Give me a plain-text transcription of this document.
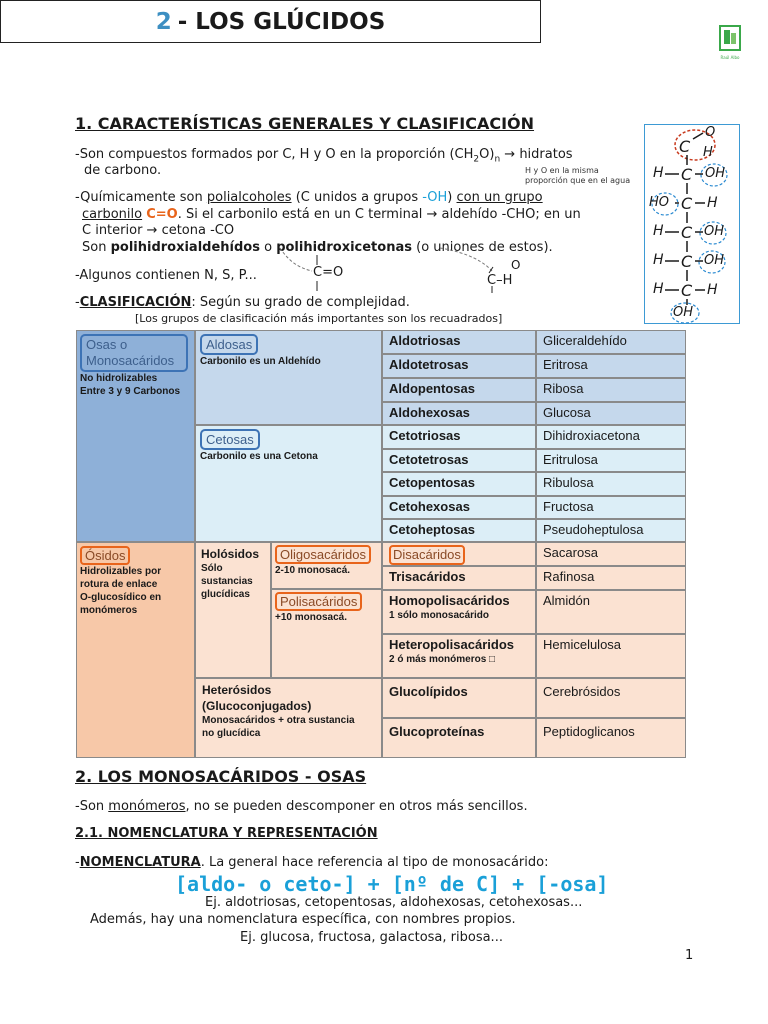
Raúl Albo
2 - LOS GLÚCIDOS
1. CARACTERÍSTICAS GENERALES Y CLASIFICACIÓN
-Son compuestos formados por C, H y O en la proporción $(CH_2O)_n$ → hidratos
de carbono.
-Químicamente son polialcoholes (C unidos a grupos -OH) con un grupo
carbonilo C=O. Si el carbonilo está en un C terminal → aldehído -CHO; en un
C interior → cetona -CO
Son polihidroxialdehídos o polihidroxicetonas (o uniones de estos).
-Algunos contienen N, S, P...	C=O	O
C–H
H y O en la misma
proporción que en el agua
-CLASIFICACIÓN: Según su grado de complejidad.
[Los grupos de clasificación más importantes son los recuadrados]
C
O
H
H C OH
HO C H
H C OH
H C OH
H C H
OH
Osas o Monosacáridos
No hidrolizables
Entre 3 y 9 Carbonos
Aldosas
Carbonilo es un Aldehído
Cetosas
Carbonilo es una Cetona
Aldotriosas	Gliceraldehído
Aldotetrosas	Eritrosa
Aldopentosas	Ribosa
Aldohexosas	Glucosa
Cetotriosas	Dihidroxiacetona
Cetotetrosas	Eritrulosa
Cetopentosas	Ribulosa
Cetohexosas	Fructosa
Cetoheptosas	Pseudoheptulosa
Ósidos
Hidrolizables por
rotura de enlace
O-glucosídico en
monómeros
Holósidos
Sólo
sustancias
glucídicas
Oligosacáridos
2-10 monosacá.
Polisacáridos
+10 monosacá.
Heterósidos
(Glucoconjugados)
Monosacáridos + otra sustancia
no glucídica
Disacáridos	Sacarosa
Trisacáridos	Rafinosa
Homopolisacáridos
1 sólo monosacárido
Almidón
Heteropolisacáridos
2 ó más monómeros □
Hemicelulosa
Glucolípidos	Cerebrósidos
Glucoproteínas	Peptidoglicanos
2. LOS MONOSACÁRIDOS - OSAS
-Son monómeros, no se pueden descomponer en otros más sencillos.
2.1. NOMENCLATURA Y REPRESENTACIÓN
-NOMENCLATURA. La general hace referencia al tipo de monosacárido:
[aldo- o ceto-] + [nº de C] + [-osa]
Ej. aldotriosas, cetopentosas, aldohexosas, cetohexosas...
Además, hay una nomenclatura específica, con nombres propios.
Ej. glucosa, fructosa, galactosa, ribosa...
1
